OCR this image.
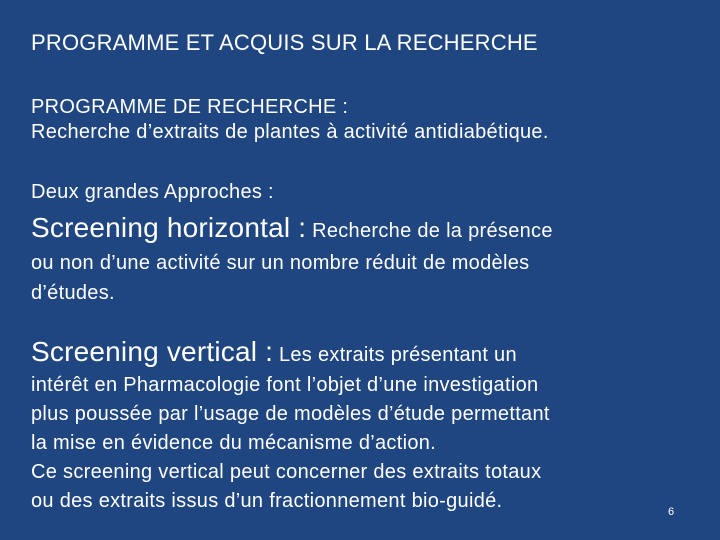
PROGRAMME ET ACQUIS SUR LA RECHERCHE
PROGRAMME DE RECHERCHE :
Recherche d’extraits de plantes à activité antidiabétique.
Deux grandes Approches :
Screening horizontal : Recherche de la présence
ou non d’une activité sur un nombre réduit de modèles
d’études.
Screening vertical : Les extraits présentant un
intérêt en Pharmacologie font l’objet d’une investigation
plus poussée par l’usage de modèles d’étude permettant
la mise en évidence du mécanisme d’action.
Ce screening vertical peut concerner des extraits totaux
ou des extraits issus d’un fractionnement bio-guidé.	6
